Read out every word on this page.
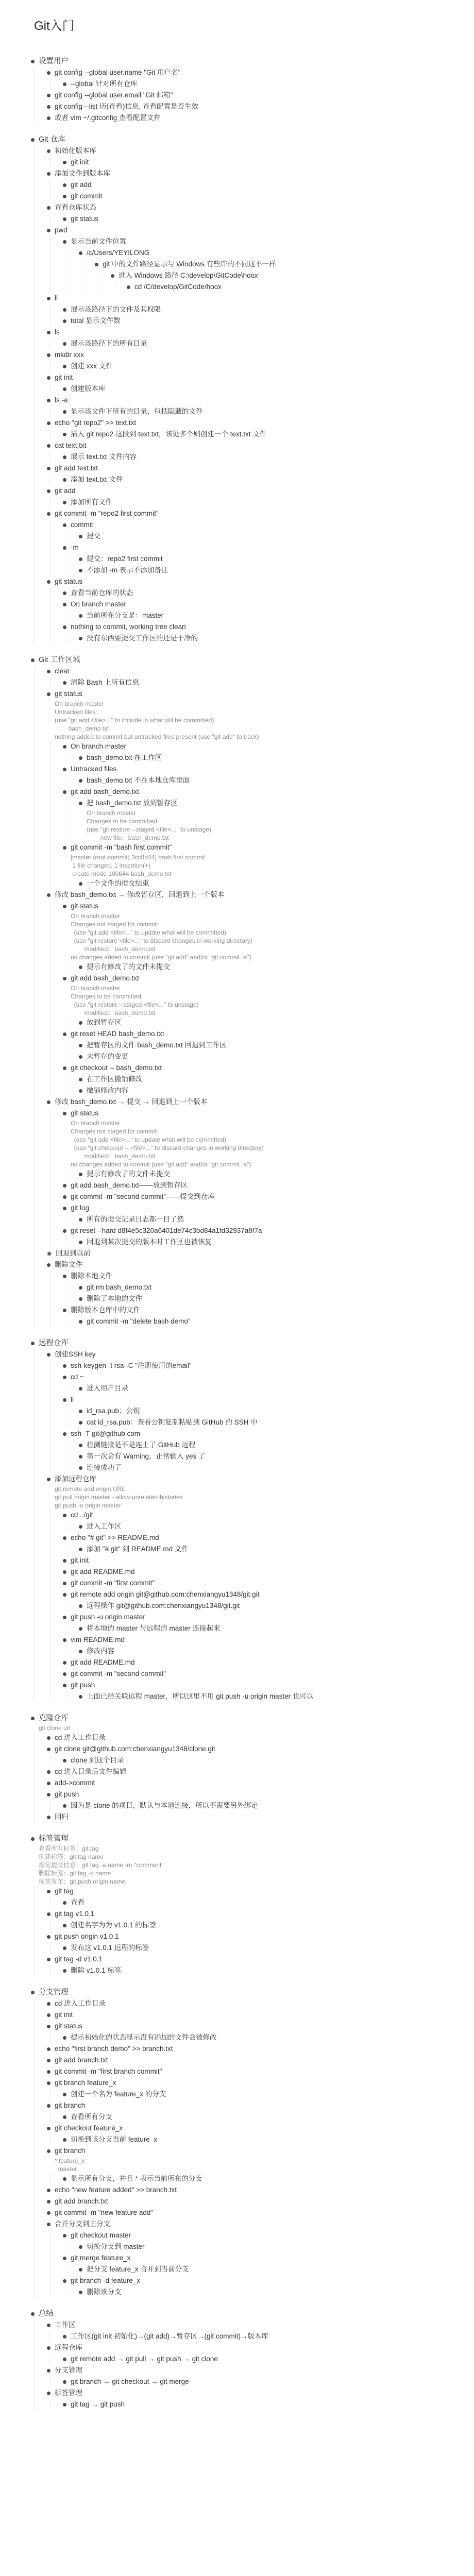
Git入门
设置用户
git config --global user.name "Git 用户名"
--global 针对所有仓库
git config --global user.email "Git 邮箱"
git config --list 历(查看)信息, 查看配置是否生效
或者 vim ~/.gitconfig 查看配置文件
Git 仓库
初始化版本库
git init
添加文件到版本库
git add
git commit
查看仓库状态
git status
pwd
显示当前文件位置
/c/Users/YEYILONG
git 中的文件路径显示与 Windows 有些许的不同这不一样
进入 Windows 路径 C:\develop\GitCode\hoox
cd /C/develop/GitCode/hoox
ll
展示该路径下的文件及其权限
total 显示文件数
ls
展示该路径下的所有目录
mkdir xxx
创建 xxx 文件
git init
创建版本库
ls -a
显示该文件下所有的目录，包括隐藏的文件
echo "git repo2" >> text.txt
插入 git repo2 这段到 text.txt，该处多个则创建一个 text.txt 文件
cat text.txt
展示 text.txt 文件内容
git add text.txt
添加 text.txt 文件
git add
添加所有文件
git commit -m "repo2 first commit"
commit
提交
-m
提交：repo2 first commit
不添加 -m 表示不添加备注
git status
查看当前仓库的状态
On branch master
当前所在分支是：master
nothing to commit, working tree clean
没有东西要提交工作区的还是干净的
Git 工作区域
clear
清除 Bash 上所有信息
git status
On branch master
Untracked files:
(use "git add <file>..." to include in what will be committed)
bash_demo.txt
nothing added to commit but untracked files present (use "git add" to track)
On branch master
bash_demo.txt 在工作区
Untracked files
bash_demo.txt 不在本地仓库里面
git add bash_demo.txt
把 bash_demo.txt 放到暂存区
On branch master
Changes to be committed:
(use "git restore --staged <file>..." to unstage)
new file:   bash_demo.txt
git commit -m "bash first commit"
[master (root-commit) 3cc8d44] bash first commit
1 file changed, 1 insertion(+)
create mode 100644 bash_demo.txt
一个文件的提交结束
修改 bash_demo.txt → 修改暂存区，回退到上一个版本
git status
On branch master
Changes not staged for commit:
(use "git add <file>..." to update what will be committed)
(use "git restore <file>..." to discard changes in working directory)
modified:   bash_demo.txt
no changes added to commit (use "git add" and/or "git commit -a")
提示有修改了的文件未提交
git add bash_demo.txt
On branch master
Changes to be committed:
(use "git restore --staged <file>..." to unstage)
modified:   bash_demo.txt
放到暂存区
git reset HEAD bash_demo.txt
把暂存区的文件 bash_demo.txt 回退到工作区
未暂存的变更
git checkout -- bash_demo.txt
在工作区撤销修改
撤销修改内容
修改 bash_demo.txt → 提交 → 回退到上一个版本
git status
On branch master
Changes not staged for commit:
(use "git add <file>..." to update what will be committed)
(use "git checkout -- <file>..." to discard changes in working directory)
modified:   bash_demo.txt
no changes added to commit (use "git add" and/or "git commit -a")
提示有修改了的文件未提交
git add bash_demo.txt——放到暂存区
git commit -m "second commit"——提交到仓库
git log
所有的提交记录日志都一目了然
git reset --hard d8f4e5c320a6401de74c3bd84a1fd32937a8f7a
回退到某次提交的版本时工作区也被恢复
回退到以前
删除文件
删除本地文件
git rm bash_demo.txt
删除了本地的文件
删除版本仓库中的文件
git commit -m "delete bash demo"
远程仓库
创建SSH key
ssh-keygen -t rsa -C "注册使用的email"
cd ~
进入用户目录
ll
id_rsa.pub：公钥
cat id_rsa.pub：查看公钥复制粘贴到 GitHub 的 SSH 中
ssh -T git@github.com
检测链接是不是连上了 GitHub 远程
第一次会有 Warning，正常输入 yes 了
连接成功了
添加远程仓库
git remote add origin URL
git pull origin master --allow-unrelated-histories
git push -u origin master
cd ../git
进入工作区
echo "# git" >> README.md
添加 "# git" 到 README.md 文件
git init
git add README.md
git commit -m "first commit"
git remote add origin git@github.com:chenxiangyu1348/git.git
远程操作 git@github.com:chenxiangyu1348/git.git
git push -u origin master
将本地的 master 与远程的 master 连接起来
vim README.md
修改内容
git add README.md
git commit -m "second commit"
git push
上面已经关联远程 master，所以这里不用 git push -u origin master 也可以
克隆仓库
git clone url
cd 进入工作目录
git clone git@github.com:chenxiangyu1348/clone.git
clone 到这个目录
cd 进入目录后文件编辑
add->commit
git push
因为是 clone 的项目，默认与本地连接，所以不需要另外绑定
回归
标签管理
查看所有标签：git tag
创建标签：git tag name
指定提交信息：git tag -a name -m "comment"
删除标签：git tag -d name
标签发布：git push origin name
git tag
查看
git tag v1.0.1
创建名字为为 v1.0.1 的标签
git push origin v1.0.1
发布这 v1.0.1 远程的标签
git tag -d v1.0.1
删除 v1.0.1 标签
分支管理
cd 进入工作目录
git init
git status
提示初始化的状态显示没有添加的文件会被修改
echo "first branch demo" >> branch.txt
git add branch.txt
git commit -m "first branch commit"
git branch feature_x
创建一个名为 feature_x 的分支
git branch
查看所有分支
git checkout feature_x
切换到该分支当前 feature_x
git branch
* feature_x
master
显示所有分支，并且 * 表示当前所在的分支
echo "new feature added" >> branch.txt
git add branch.txt
git commit -m "new feature add"
合并分支到主分支
git checkout master
切换分支到 master
git merge feature_x
把分支 feature_x 合并到当前分支
git branch -d feature_x
删除该分支
总结
工作区
工作区(git init 初始化)→(git add)→暂存区→(git commit)→版本库
远程仓库
git remote add → git pull → git push → git clone
分支管理
git branch → git checkout → git merge
标签管理
git tag → git push
